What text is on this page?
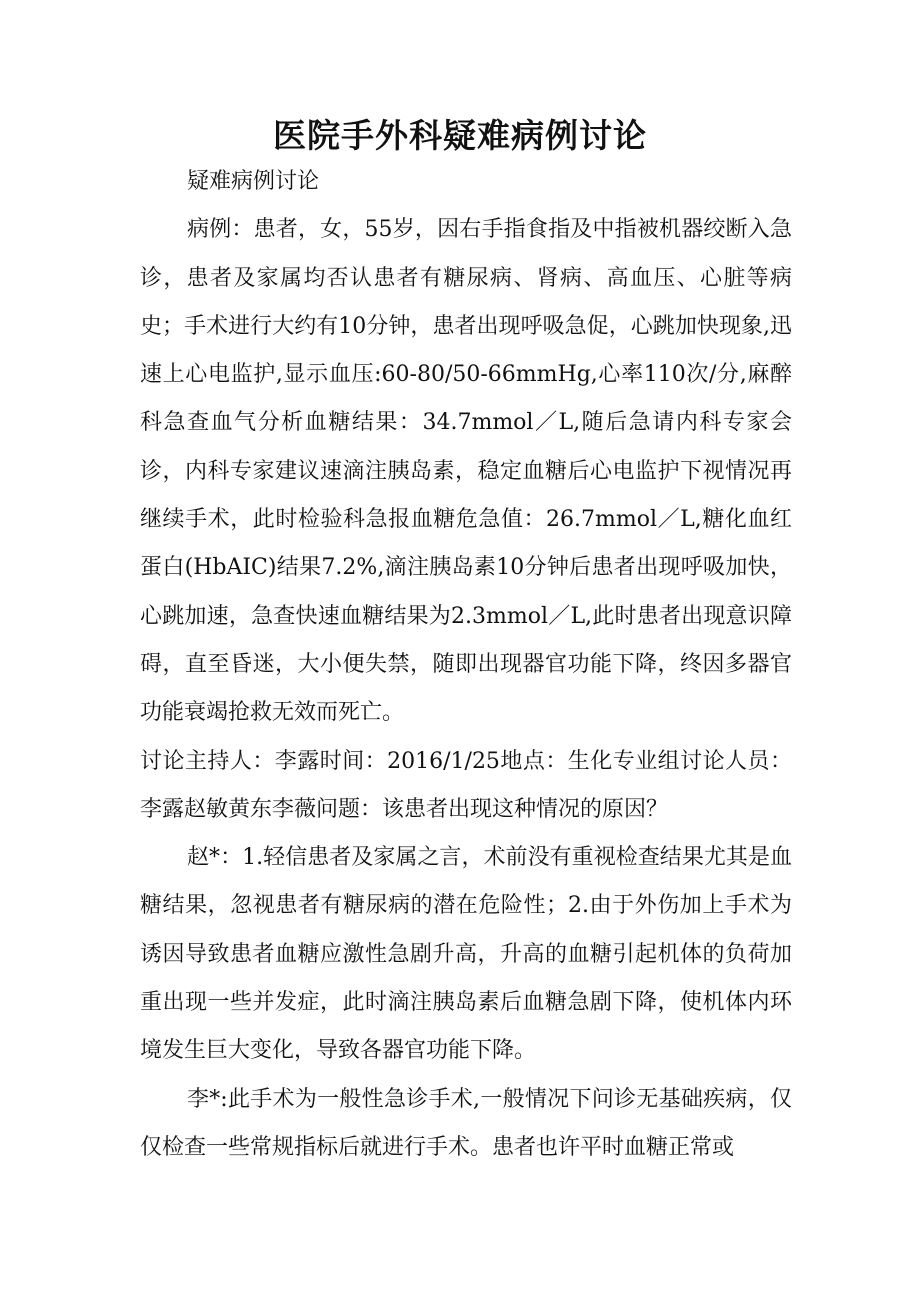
医院手外科疑难病例讨论

疑难病例讨论

病例：患者，女，55岁，因右手指食指及中指被机器绞断入急诊，患者及家属均否认患者有糖尿病、肾病、高血压、心脏等病史；手术进行大约有10分钟，患者出现呼吸急促，心跳加快现象,迅速上心电监护,显示血压:60-80/50-66mmHg,心率110次/分,麻醉科急查血气分析血糖结果：34.7mmol／L,随后急请内科专家会诊，内科专家建议速滴注胰岛素，稳定血糖后心电监护下视情况再继续手术，此时检验科急报血糖危急值：26.7mmol／L,糖化血红蛋白(HbAIC)结果7.2%,滴注胰岛素10分钟后患者出现呼吸加快，心跳加速，急查快速血糖结果为2.3mmol／L,此时患者出现意识障碍，直至昏迷，大小便失禁，随即出现器官功能下降，终因多器官功能衰竭抢救无效而死亡。

讨论主持人：李露时间：2016/1/25地点：生化专业组讨论人员：李露赵敏黄东李薇问题：该患者出现这种情况的原因？

赵*：1.轻信患者及家属之言，术前没有重视检查结果尤其是血糖结果，忽视患者有糖尿病的潜在危险性；2.由于外伤加上手术为诱因导致患者血糖应激性急剧升高，升高的血糖引起机体的负荷加重出现一些并发症，此时滴注胰岛素后血糖急剧下降，使机体内环境发生巨大变化，导致各器官功能下降。

李*:此手术为一般性急诊手术,一般情况下问诊无基础疾病，仅仅检查一些常规指标后就进行手术。患者也许平时血糖正常或
